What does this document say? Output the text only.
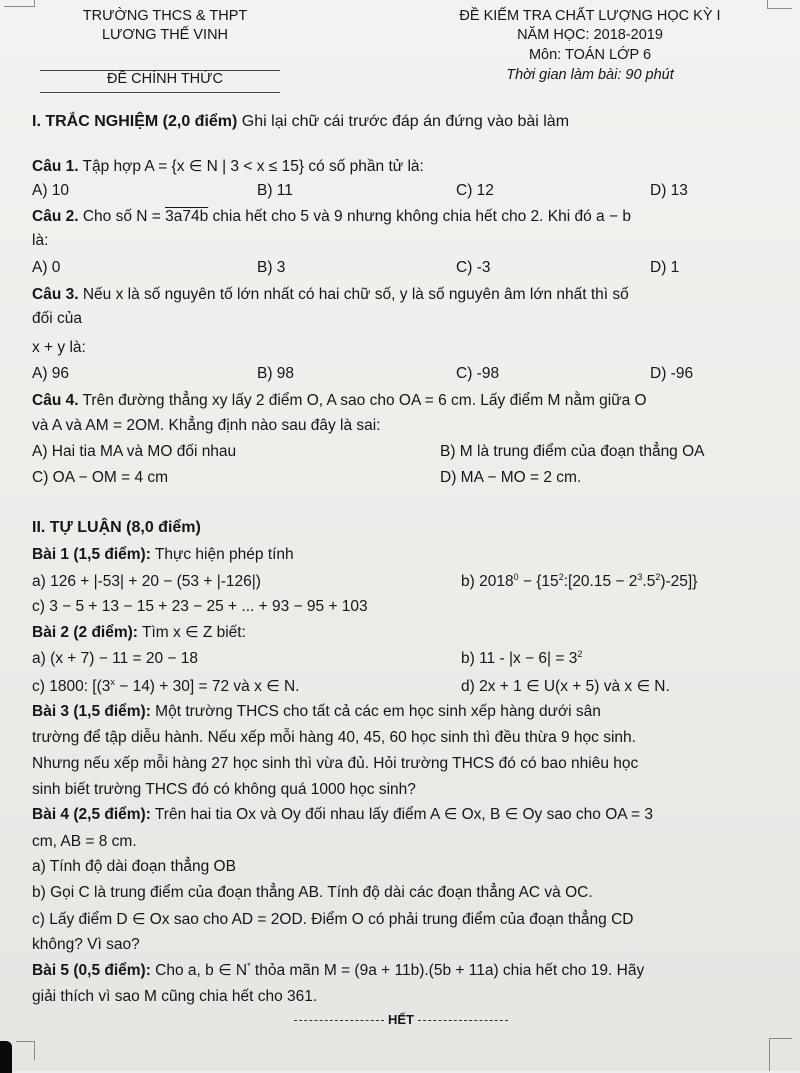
TRƯỜNG THCS & THPT
LƯƠNG THẾ VINH
ĐỀ CHÍNH THỨC
ĐỀ KIẾM TRA CHẤT LƯỢNG HỌC KỲ I
NĂM HỌC: 2018-2019
Môn: TOÁN LỚP 6
Thời gian làm bài: 90 phút
I. TRẮC NGHIỆM (2,0 điểm) Ghi lại chữ cái trước đáp án đứng vào bài làm
Câu 1. Tập hợp A = {x ∈ N | 3 < x ≤ 15} có số phần tử là:
A) 10	B) 11	C) 12	D) 13
Câu 2. Cho số N = 3a74b chia hết cho 5 và 9 nhưng không chia hết cho 2. Khi đó a − b
là:
A) 0	B) 3	C) -3	D) 1
Câu 3. Nếu x là số nguyên tố lớn nhất có hai chữ số, y là số nguyên âm lớn nhất thì số
đối của
x + y là:
A) 96	B) 98	C) -98	D) -96
Câu 4. Trên đường thẳng xy lấy 2 điểm O, A sao cho OA = 6 cm. Lấy điểm M nằm giữa O
và A và AM = 2OM. Khẳng định nào sau đây là sai:
A) Hai tia MA và MO đối nhau	B) M là trung điểm của đoạn thẳng OA
C) OA − OM = 4 cm	D) MA − MO = 2 cm.
II. TỰ LUẬN (8,0 điểm)
Bài 1 (1,5 điểm): Thực hiện phép tính
a) 126 + |-53| + 20 − (53 + |-126|)	b) $2018^0$ − $\{15^2:[20.15 - 2^3.5^2)-25]$}
c) 3 − 5 + 13 − 15 + 23 − 25 + ... + 93 − 95 + 103
Bài 2 (2 điểm): Tìm x ∈ Z biết:
a) (x + 7) − 11 = 20 − 18	b) $11 - |x - 6| = 3^2$
c) 1800: $[(3^x - 14) + 30] = 72$ và x ∈ N.	d) 2x + 1 ∈ U(x + 5) và x ∈ N.
Bài 3 (1,5 điểm): Một trường THCS cho tất cả các em học sinh xếp hàng dưới sân
trường để tập diễu hành. Nếu xếp mỗi hàng 40, 45, 60 học sinh thì đều thừa 9 học sinh.
Nhưng nếu xếp mỗi hàng 27 học sinh thì vừa đủ. Hỏi trường THCS đó có bao nhiêu học
sinh biết trường THCS đó có không quá 1000 học sinh?
Bài 4 (2,5 điểm): Trên hai tia Ox và Oy đối nhau lấy điểm A ∈ Ox, B ∈ Oy sao cho OA = 3
cm, AB = 8 cm.
a) Tính độ dài đoạn thẳng OB
b) Gọi C là trung điểm của đoạn thẳng AB. Tính độ dài các đoạn thẳng AC và OC.
c) Lấy điểm D ∈ Ox sao cho AD = 2OD. Điểm O có phải trung điểm của đoạn thẳng CD
không? Vì sao?
Bài 5 (0,5 điểm): Cho a, b ∈ N* thỏa mãn M = (9a + 11b).(5b + 11a) chia hết cho 19. Hãy
giải thích vì sao M cũng chia hết cho 361.
HẾT
